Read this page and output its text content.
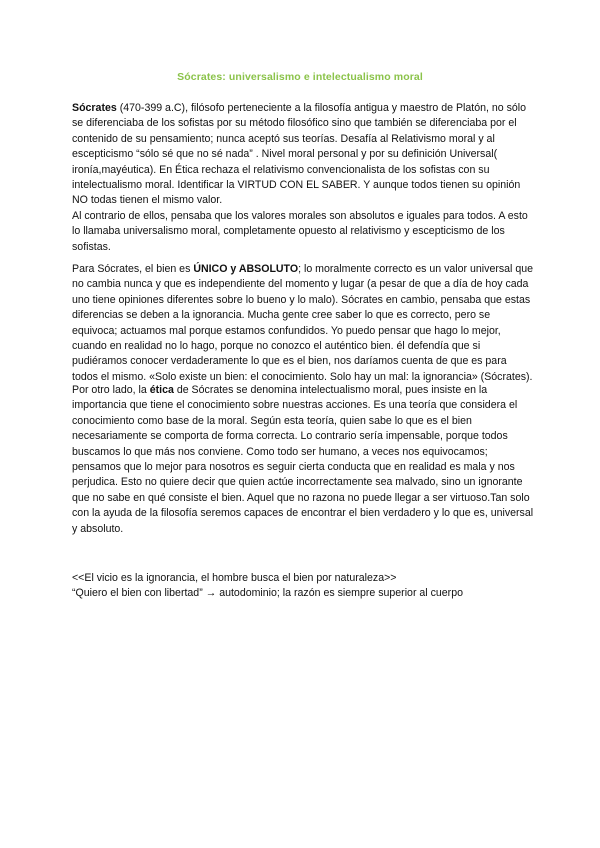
Sócrates: universalismo e intelectualismo moral
Sócrates (470-399 a.C), filósofo perteneciente a la filosofía antigua y maestro de Platón, no sólo se diferenciaba de los sofistas por su método filosófico sino que también se diferenciaba por el contenido de su pensamiento; nunca aceptó sus teorías. Desafía al Relativismo moral y al escepticismo “sólo sé que no sé nada” . Nivel moral personal y por su definición Universal( ironía,mayéutica). En Ética rechaza el relativismo convencionalista de los sofistas con su intelectualismo moral. Identificar la VIRTUD CON EL SABER. Y aunque todos tienen su opinión NO todas tienen el mismo valor.
Al contrario de ellos, pensaba que los valores morales son absolutos e iguales para todos. A esto lo llamaba universalismo moral, completamente opuesto al relativismo y escepticismo de los sofistas.
Para Sócrates, el bien es ÚNICO y ABSOLUTO; lo moralmente correcto es un valor universal que no cambia nunca y que es independiente del momento y lugar (a pesar de que a día de hoy cada uno tiene opiniones diferentes sobre lo bueno y lo malo). Sócrates en cambio, pensaba que estas diferencias se deben a la ignorancia. Mucha gente cree saber lo que es correcto, pero se equivoca; actuamos mal porque estamos confundidos. Yo puedo pensar que hago lo mejor, cuando en realidad no lo hago, porque no conozco el auténtico bien. él defendía que si pudiéramos conocer verdaderamente lo que es el bien, nos daríamos cuenta de que es para todos el mismo. «Solo existe un bien: el conocimiento. Solo hay un mal: la ignorancia» (Sócrates).
Por otro lado, la ética de Sócrates se denomina intelectualismo moral, pues insiste en la importancia que tiene el conocimiento sobre nuestras acciones. Es una teoría que considera el conocimiento como base de la moral. Según esta teoría, quien sabe lo que es el bien necesariamente se comporta de forma correcta. Lo contrario sería impensable, porque todos buscamos lo que más nos conviene. Como todo ser humano, a veces nos equivocamos; pensamos que lo mejor para nosotros es seguir cierta conducta que en realidad es mala y nos perjudica. Esto no quiere decir que quien actúe incorrectamente sea malvado, sino un ignorante que no sabe en qué consiste el bien. Aquel que no razona no puede llegar a ser virtuoso.Tan solo con la ayuda de la filosofía seremos capaces de encontrar el bien verdadero y lo que es, universal y absoluto.
<<El vicio es la ignorancia, el hombre busca el bien por naturaleza>>
“Quiero el bien con libertad” → autodominio; la razón es siempre superior al cuerpo
